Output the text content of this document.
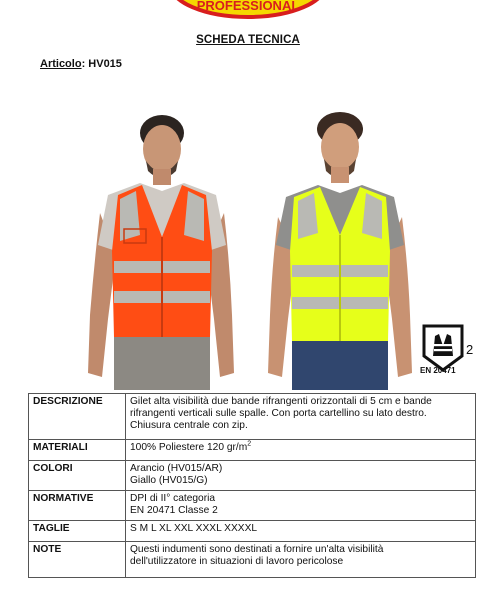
PROFESSIONAL
SCHEDA TECNICA
Articolo: HV015
2
EN 20471
DESCRIZIONE	Gilet alta visibilità due bande rifrangenti orizzontali di 5 cm e bande
rifrangenti verticali sulle spalle. Con porta cartellino su lato destro.
Chiusura centrale con zip.

MATERIALI	100% Poliestere 120 $gr/m^2$
COLORI	Arancio (HV015/AR)
Giallo (HV015/G)

NORMATIVE	DPI di II° categoria
EN 20471 Classe 2

TAGLIE	S M L XL XXL XXXL XXXXL
NOTE	Questi indumenti sono destinati a fornire un'alta visibilità
dell'utilizzatore in situazioni di lavoro pericolose
